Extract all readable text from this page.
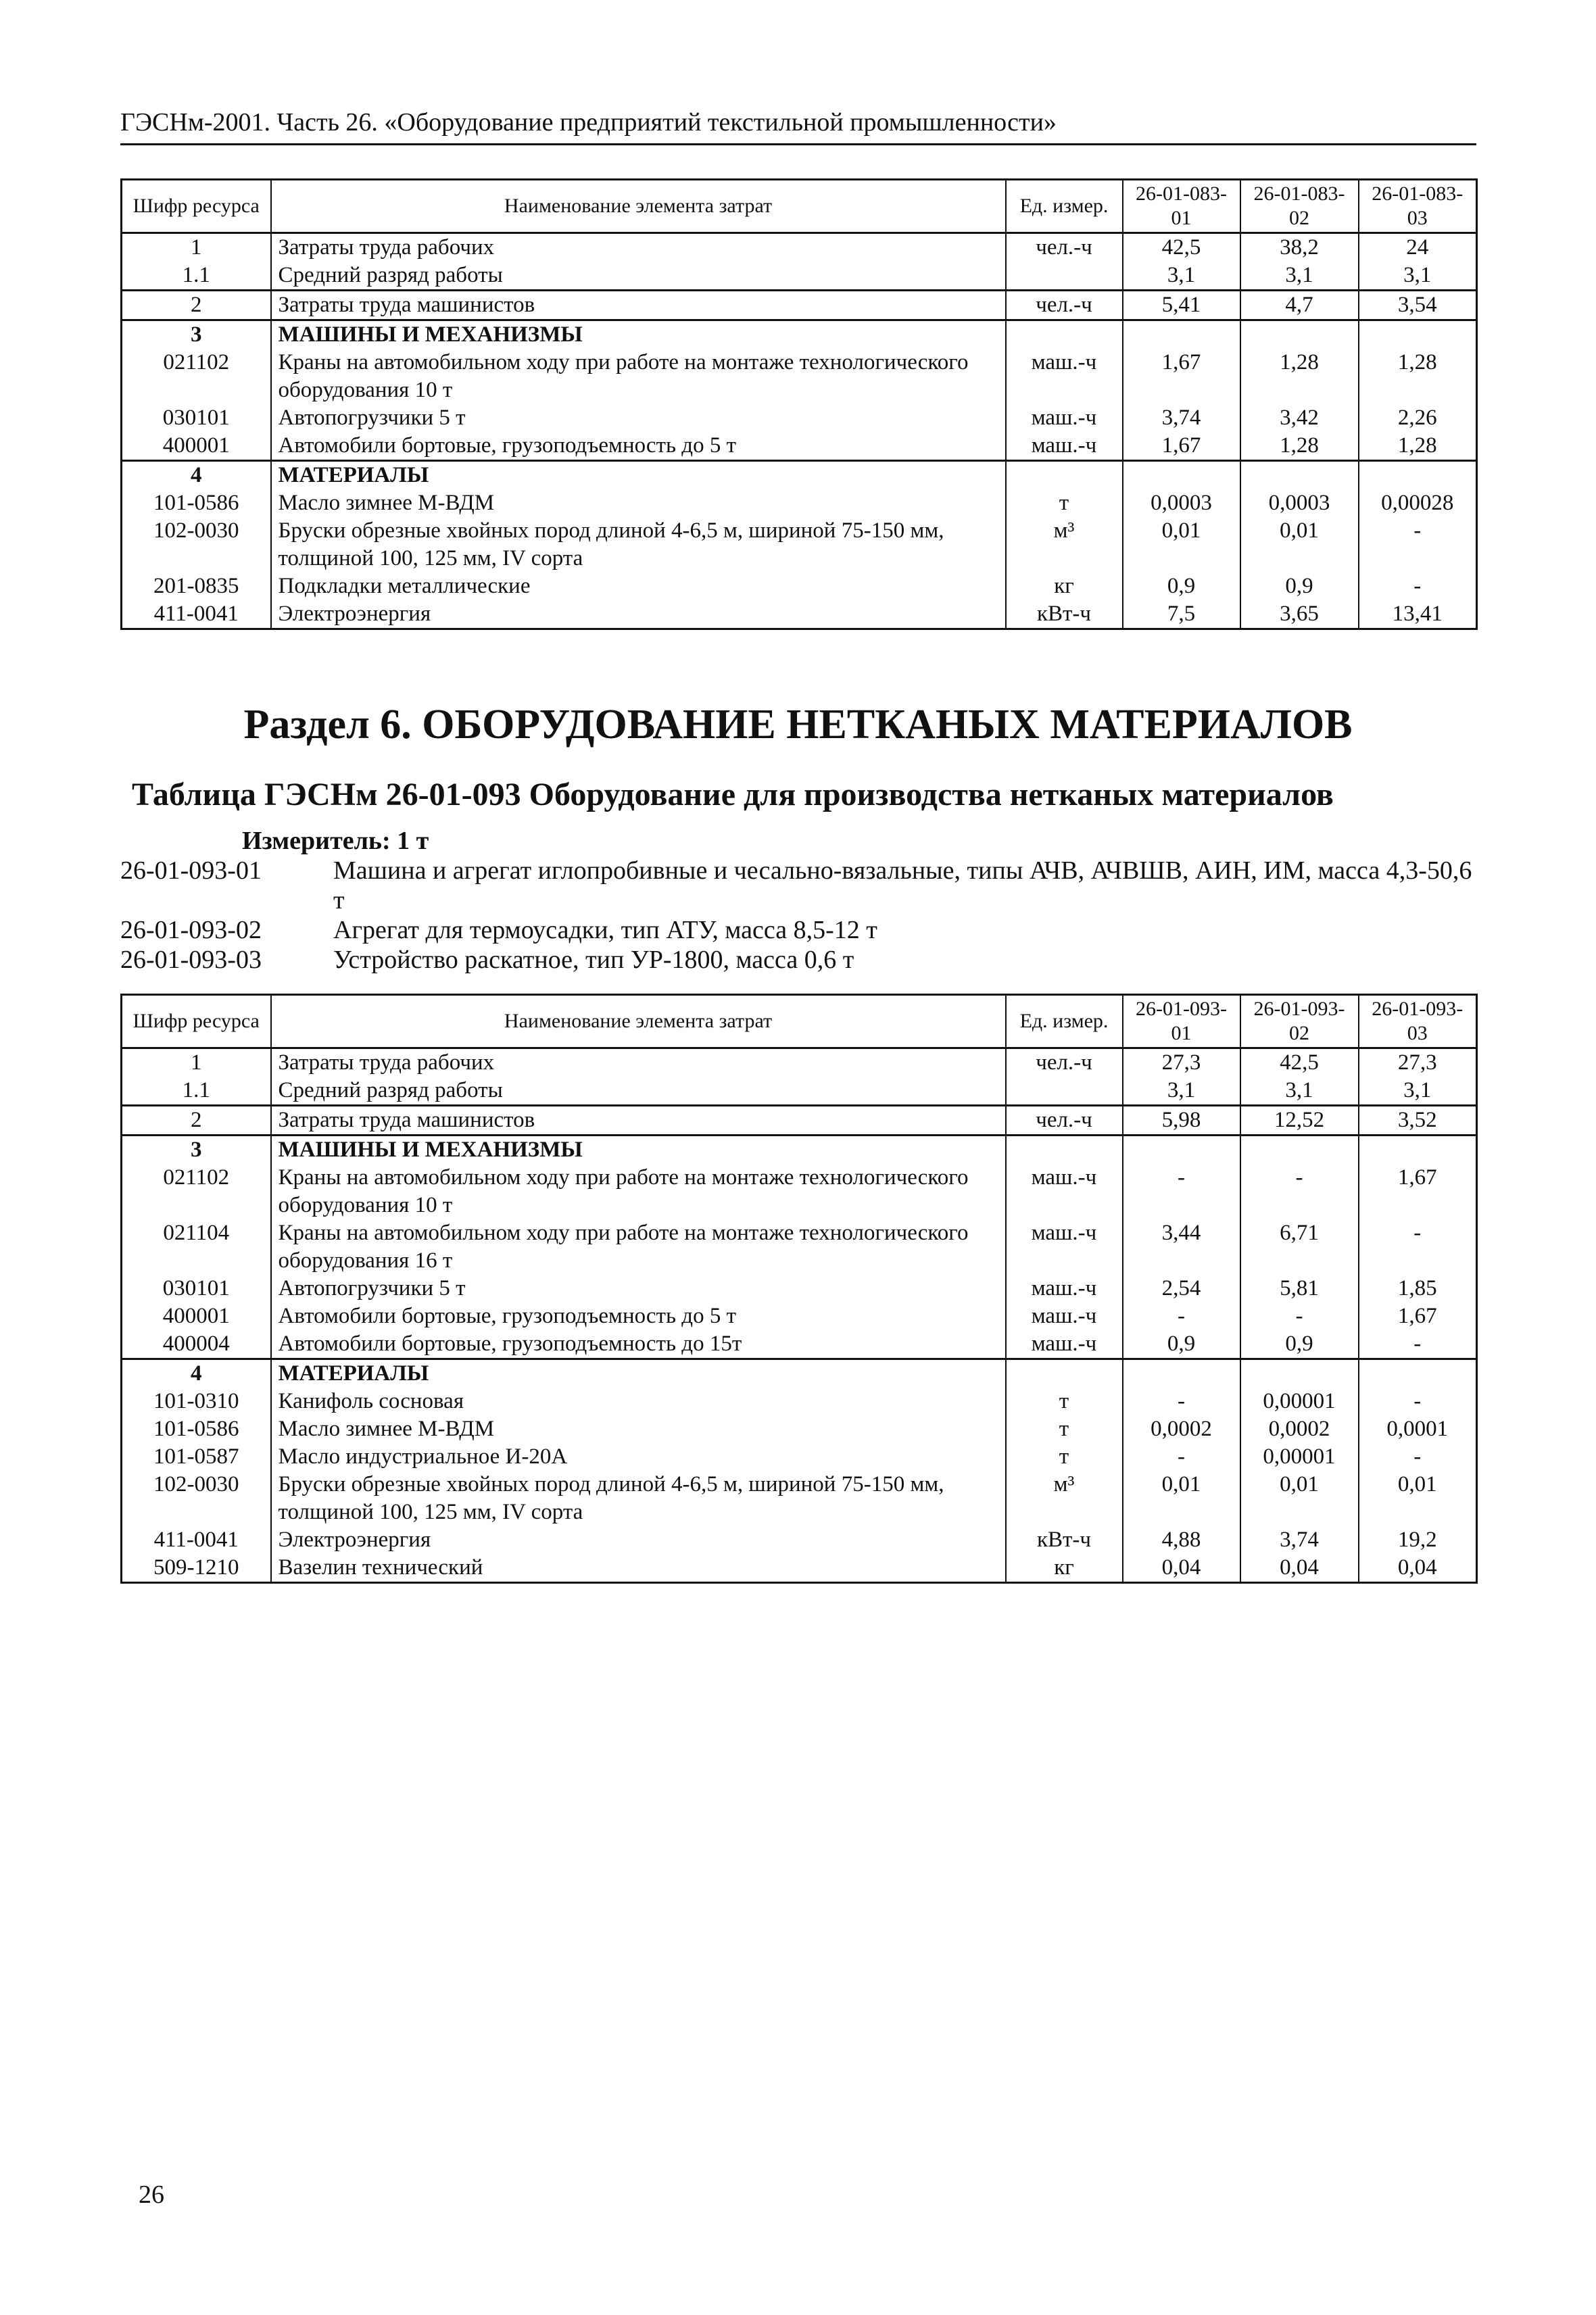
ГЭСНм-2001. Часть 26. «Оборудование предприятий текстильной промышленности»
Шифр ресурса	Наименование элемента затрат	Ед. измер.	26-01-083-01	26-01-083-02	26-01-083-03
1	Затраты труда рабочих	чел.-ч	42,5	38,2	24
1.1	Средний разряд работы		3,1	3,1	3,1
2	Затраты труда машинистов	чел.-ч	5,41	4,7	3,54
3	МАШИНЫ И МЕХАНИЗМЫ				
021102	Краны на автомобильном ходу при работе на монтаже технологического оборудования 10 т	маш.-ч	1,67	1,28	1,28
030101	Автопогрузчики 5 т	маш.-ч	3,74	3,42	2,26
400001	Автомобили бортовые, грузоподъемность до 5 т	маш.-ч	1,67	1,28	1,28
4	МАТЕРИАЛЫ				
101-0586	Масло зимнее М-ВДМ	т	0,0003	0,0003	0,00028
102-0030	Бруски обрезные хвойных пород длиной 4-6,5 м, шириной 75-150 мм, толщиной 100, 125 мм, IV сорта	м³	0,01	0,01	-
201-0835	Подкладки металлические	кг	0,9	0,9	-
411-0041	Электроэнергия	кВт-ч	7,5	3,65	13,41
Раздел 6. ОБОРУДОВАНИЕ НЕТКАНЫХ МАТЕРИАЛОВ
Таблица ГЭСНм 26-01-093 Оборудование для производства нетканых материалов
Измеритель: 1 т
26-01-093-01	Машина и агрегат иглопробивные и чесально-вязальные, типы АЧВ, АЧВШВ, АИН, ИМ, масса 4,3-50,6 т
26-01-093-02	Агрегат для термоусадки, тип АТУ, масса 8,5-12 т
26-01-093-03	Устройство раскатное, тип УР-1800, масса 0,6 т
Шифр ресурса	Наименование элемента затрат	Ед. измер.	26-01-093-01	26-01-093-02	26-01-093-03
1	Затраты труда рабочих	чел.-ч	27,3	42,5	27,3
1.1	Средний разряд работы		3,1	3,1	3,1
2	Затраты труда машинистов	чел.-ч	5,98	12,52	3,52
3	МАШИНЫ И МЕХАНИЗМЫ				
021102	Краны на автомобильном ходу при работе на монтаже технологического оборудования 10 т	маш.-ч	-	-	1,67
021104	Краны на автомобильном ходу при работе на монтаже технологического оборудования 16 т	маш.-ч	3,44	6,71	-
030101	Автопогрузчики 5 т	маш.-ч	2,54	5,81	1,85
400001	Автомобили бортовые, грузоподъемность до 5 т	маш.-ч	-	-	1,67
400004	Автомобили бортовые, грузоподъемность до 15т	маш.-ч	0,9	0,9	-
4	МАТЕРИАЛЫ				
101-0310	Канифоль сосновая	т	-	0,00001	-
101-0586	Масло зимнее М-ВДМ	т	0,0002	0,0002	0,0001
101-0587	Масло индустриальное И-20А	т	-	0,00001	-
102-0030	Бруски обрезные хвойных пород длиной 4-6,5 м, шириной 75-150 мм, толщиной 100, 125 мм, IV сорта	м³	0,01	0,01	0,01
411-0041	Электроэнергия	кВт-ч	4,88	3,74	19,2
509-1210	Вазелин технический	кг	0,04	0,04	0,04
26
